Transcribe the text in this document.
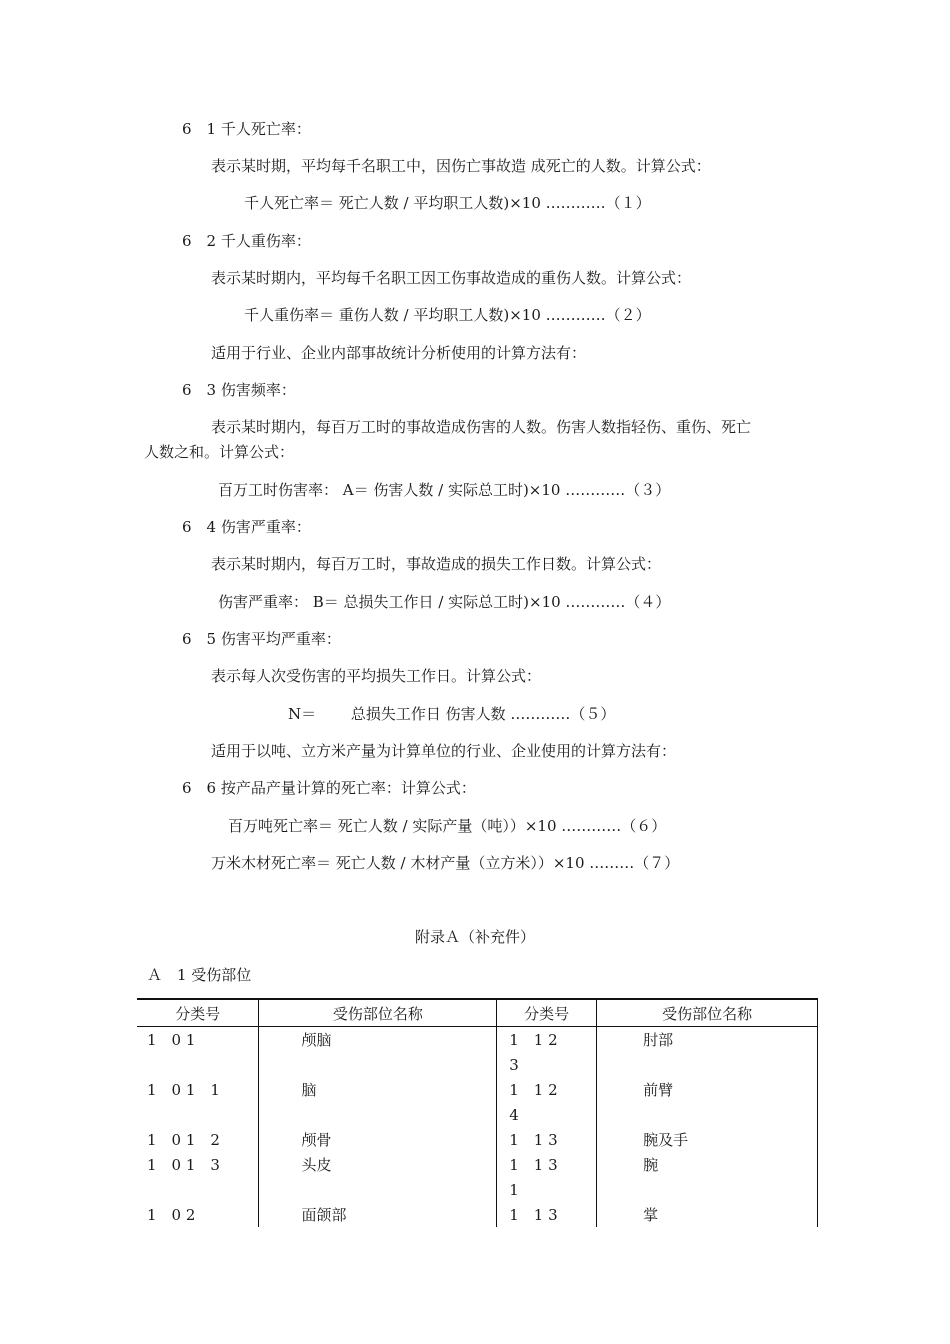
6　1 千人死亡率：
表示某时期，平均每千名职工中，因伤亡事故造 成死亡的人数。计算公式：
千人死亡率＝ 死亡人数 / 平均职工人数)×10 …………（１）
6　2 千人重伤率：
表示某时期内，平均每千名职工因工伤事故造成的重伤人数。计算公式：
千人重伤率＝ 重伤人数 / 平均职工人数)×10 …………（２）
适用于行业、企业内部事故统计分析使用的计算方法有：
6　3 伤害频率：
表示某时期内，每百万工时的事故造成伤害的人数。伤害人数指轻伤、重伤、死亡
人数之和。计算公式：
百万工时伤害率： A＝ 伤害人数 / 实际总工时)×10 …………（３）
6　4 伤害严重率：
表示某时期内，每百万工时，事故造成的损失工作日数。计算公式：
伤害严重率： B＝ 总损失工作日 / 实际总工时)×10 …………（４）
6　5 伤害平均严重率：
表示每人次受伤害的平均损失工作日。计算公式：
N＝　　 总损失工作日 伤害人数 …………（５）
适用于以吨、立方米产量为计算单位的行业、企业使用的计算方法有：
6　6 按产品产量计算的死亡率：计算公式：
百万吨死亡率＝ 死亡人数 / 实际产量（吨））×10 …………（６）
万米木材死亡率＝ 死亡人数 / 木材产量（立方米））×10 ………（７）
附录Ａ（补充件）
Ａ　1 受伤部位
分类号	受伤部位名称	分类号	受伤部位名称
1　0 1	颅脑	1　1 2	肘部
		3	
1　0 1　1	脑	1　1 2	前臂
		4	
1　0 1　2	颅骨	1　1 3	腕及手
1　0 1　3	头皮	1　1 3	腕
		1	
1　0 2	面颌部	1　1 3	掌
